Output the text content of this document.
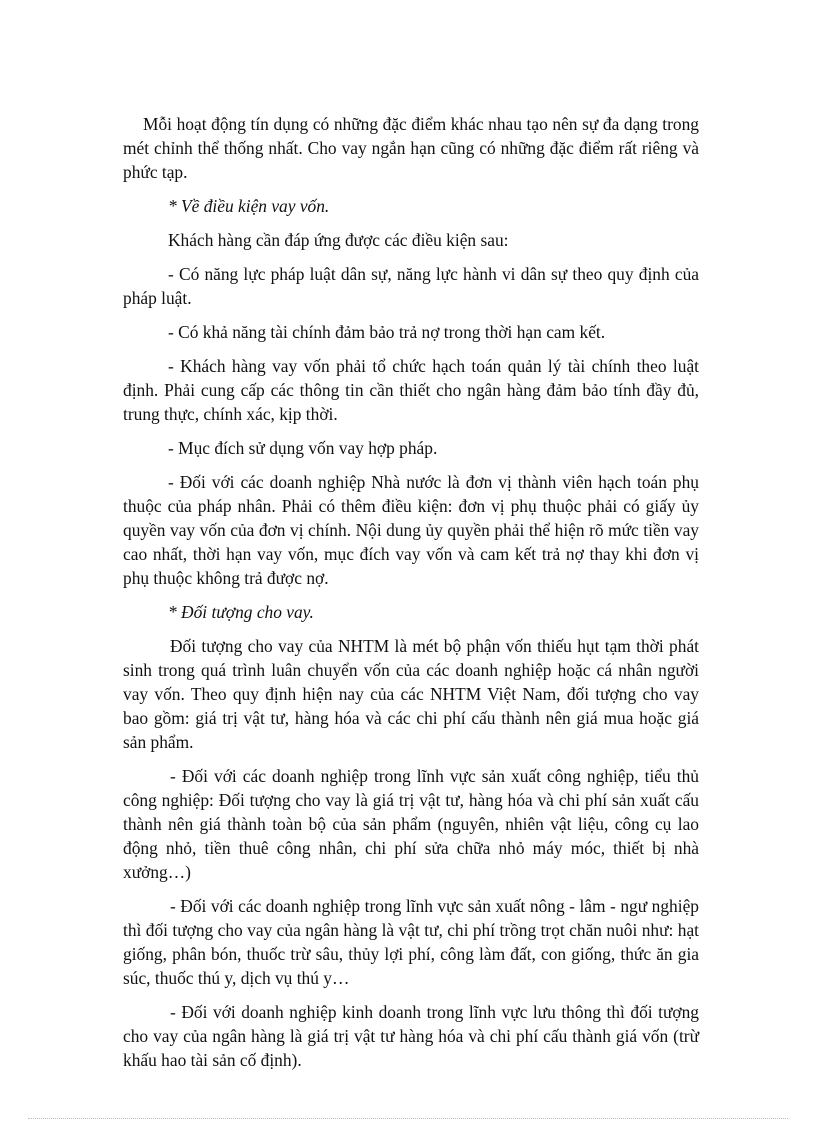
Mỗi hoạt động tín dụng có những đặc điểm khác nhau tạo nên sự đa dạng trong mét chỉnh thể thống nhất. Cho vay ngắn hạn cũng có những đặc điểm rất riêng và phức tạp.

* Về điều kiện vay vốn.

Khách hàng cần đáp ứng được các điều kiện sau:

- Có năng lực pháp luật dân sự, năng lực hành vi dân sự theo quy định của pháp luật.

- Có khả năng tài chính đảm bảo trả nợ trong thời hạn cam kết.

- Khách hàng vay vốn phải tổ chức hạch toán quản lý tài chính theo luật định. Phải cung cấp các thông tin cần thiết cho ngân hàng đảm bảo tính đầy đủ, trung thực, chính xác, kịp thời.

- Mục đích sử dụng vốn vay hợp pháp.

- Đối với các doanh nghiệp Nhà nước là đơn vị thành viên hạch toán phụ thuộc của pháp nhân. Phải có thêm điều kiện: đơn vị phụ thuộc phải có giấy ủy quyền vay vốn của đơn vị chính. Nội dung ủy quyền phải thể hiện rõ mức tiền vay cao nhất, thời hạn vay vốn, mục đích vay vốn và cam kết trả nợ thay khi đơn vị phụ thuộc không trả được nợ.

* Đối tượng cho vay.

Đối tượng cho vay của NHTM là mét bộ phận vốn thiếu hụt tạm thời phát sinh trong quá trình luân chuyển vốn của các doanh nghiệp hoặc cá nhân người vay vốn. Theo quy định hiện nay của các NHTM Việt Nam, đối tượng cho vay bao gồm: giá trị vật tư, hàng hóa và các chi phí cấu thành nên giá mua hoặc giá sản phẩm.

- Đối với các doanh nghiệp trong lĩnh vực sản xuất công nghiệp, tiểu thủ công nghiệp: Đối tượng cho vay là giá trị vật tư, hàng hóa và chi phí sản xuất cấu thành nên giá thành toàn bộ của sản phẩm (nguyên, nhiên vật liệu, công cụ lao động nhỏ, tiền thuê công nhân, chi phí sửa chữa nhỏ máy móc, thiết bị nhà xưởng…)

- Đối với các doanh nghiệp trong lĩnh vực sản xuất nông - lâm - ngư nghiệp thì đối tượng cho vay của ngân hàng là vật tư, chi phí trồng trọt chăn nuôi như: hạt giống, phân bón, thuốc trừ sâu, thủy lợi phí, công làm đất, con giống, thức ăn gia súc, thuốc thú y, dịch vụ thú y…

- Đối với doanh nghiệp kinh doanh trong lĩnh vực lưu thông thì đối tượng cho vay của ngân hàng là giá trị vật tư hàng hóa và chi phí cấu thành giá vốn (trừ khấu hao tài sản cố định).
